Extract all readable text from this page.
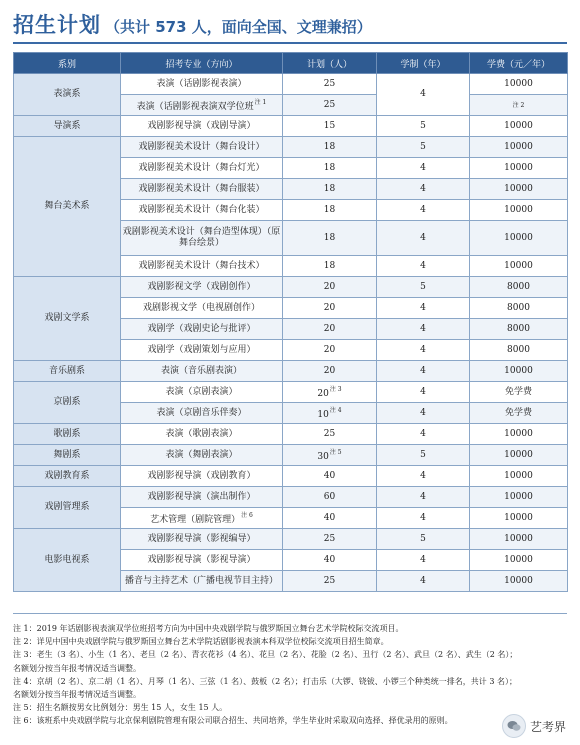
招生计划 （共计 573 人，面向全国、文理兼招）
系别	招考专业（方向）	计划（人）	学制（年）	学费（元／年）
表演系	表演（话剧影视表演）	25	4	10000
	表演（话剧影视表演双学位班$^{注 1}$	25		注 2
导演系	戏剧影视导演（戏剧导演）	15	5	10000
舞台美术系	戏剧影视美术设计（舞台设计）	18	5	10000
	戏剧影视美术设计（舞台灯光）	18	4	10000
	戏剧影视美术设计（舞台服装）	18	4	10000
	戏剧影视美术设计（舞台化装）	18	4	10000
	戏剧影视美术设计（舞台造型体现）（原舞台绘景）	18	4	10000
	戏剧影视美术设计（舞台技术）	18	4	10000
戏剧文学系	戏剧影视文学（戏剧创作）	20	5	8000
	戏剧影视文学（电视剧创作）	20	4	8000
	戏剧学（戏剧史论与批评）	20	4	8000
	戏剧学（戏剧策划与应用）	20	4	8000
音乐剧系	表演（音乐剧表演）	20	4	10000
京剧系	表演（京剧表演）	20$^{注 3}$	4	免学费
	表演（京剧音乐伴奏）	10$^{注 4}$	4	免学费
歌剧系	表演（歌剧表演）	25	4	10000
舞剧系	表演（舞剧表演）	30$^{注 5}$	5	10000
戏剧教育系	戏剧影视导演（戏剧教育）	40	4	10000
戏剧管理系	戏剧影视导演（演出制作）	60	4	10000
	艺术管理（剧院管理）$^{注 6}$	40	4	10000
电影电视系	戏剧影视导演（影视编导）	25	5	10000
	戏剧影视导演（影视导演）	40	4	10000
	播音与主持艺术（广播电视节目主持）	25	4	10000
注 1：2019 年话剧影视表演双学位班招考方向为中国中央戏剧学院与俄罗斯国立舞台艺术学院校际交流项目。
注 2：详见中国中央戏剧学院与俄罗斯国立舞台艺术学院话剧影视表演本科双学位校际交流项目招生简章。
注 3：老生（3 名）、小生（1 名）、老旦（2 名）、青衣花衫（4 名）、花旦（2 名）、花脸（2 名）、丑行（2 名）、武旦（2 名）、武生（2 名）；
名额划分按当年报考情况适当调整。
注 4：京胡（2 名）、京二胡（1 名）、月琴（1 名）、三弦（1 名）、鼓板（2 名）；打击乐（大锣、铙钹、小锣三个种类统一排名，共计 3 名）；
名额划分按当年报考情况适当调整。
注 5：招生名额按男女比例划分：男生 15 人，女生 15 人。
注 6：该班系中央戏剧学院与北京保利剧院管理有限公司联合招生、共同培养，学生毕业时采取双向选择、择优录用的原则。	艺考界
